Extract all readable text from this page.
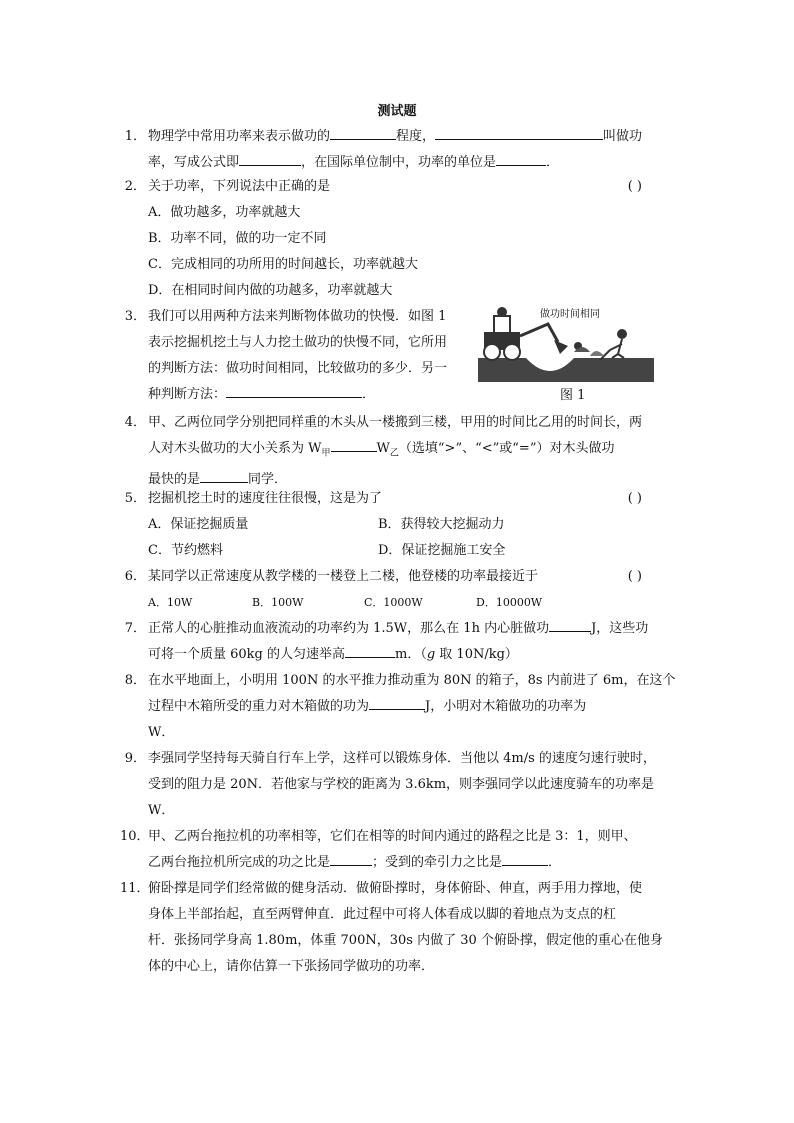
测试题
1． 物理学中常用功率来表示做功的	程度，	叫做功
率，写成公式即	，在国际单位制中，功率的单位是	．
2． 关于功率，下列说法中正确的是	( )
A．做功越多，功率就越大
B．功率不同，做的功一定不同
C．完成相同的功所用的时间越长，功率就越大
D．在相同时间内做的功越多，功率就越大
3． 我们可以用两种方法来判断物体做功的快慢．如图 1
表示挖掘机挖土与人力挖土做功的快慢不同，它所用
的判断方法：做功时间相同，比较做功的多少．另一
种判断方法：	．
做功时间相同
图 1
4． 甲、乙两位同学分别把同样重的木头从一楼搬到三楼，甲用的时间比乙用的时间长，两
人对木头做功的大小关系为 $W_甲$	$W_乙$（选填“>”、“<”或“=”）对木头做功
最快的是	同学．
5． 挖掘机挖土时的速度往往很慢，这是为了	( )
A．保证挖掘质量	B．获得较大挖掘动力
C．节约燃料	D．保证挖掘施工安全
6． 某同学以正常速度从教学楼的一楼登上二楼，他登楼的功率最接近于	( )
A．10W	B．100W	C．1000W	D．10000W
7． 正常人的心脏推动血液流动的功率约为 1.5W，那么在 1h 内心脏做功	J，这些功
可将一个质量 60kg 的人匀速举高	m．（g 取 10N/kg）
8． 在水平地面上，小明用 100N 的水平推力推动重为 80N 的箱子，8s 内前进了 6m，在这个
过程中木箱所受的重力对木箱做的功为	J，小明对木箱做功的功率为
W．
9． 李强同学坚持每天骑自行车上学，这样可以锻炼身体．当他以 4m/s 的速度匀速行驶时，
受到的阻力是 20N．若他家与学校的距离为 3.6km，则李强同学以此速度骑车的功率是
W．
10．
甲、乙两台拖拉机的功率相等，它们在相等的时间内通过的路程之比是 3：1，则甲、
乙两台拖拉机所完成的功之比是	；受到的牵引力之比是	．
11．
俯卧撑是同学们经常做的健身活动．做俯卧撑时，身体俯卧、伸直，两手用力撑地，使
身体上半部抬起，直至两臂伸直．此过程中可将人体看成以脚的着地点为支点的杠
杆．张扬同学身高 1.80m，体重 700N，30s 内做了 30 个俯卧撑，假定他的重心在他身
体的中心上，请你估算一下张扬同学做功的功率．
